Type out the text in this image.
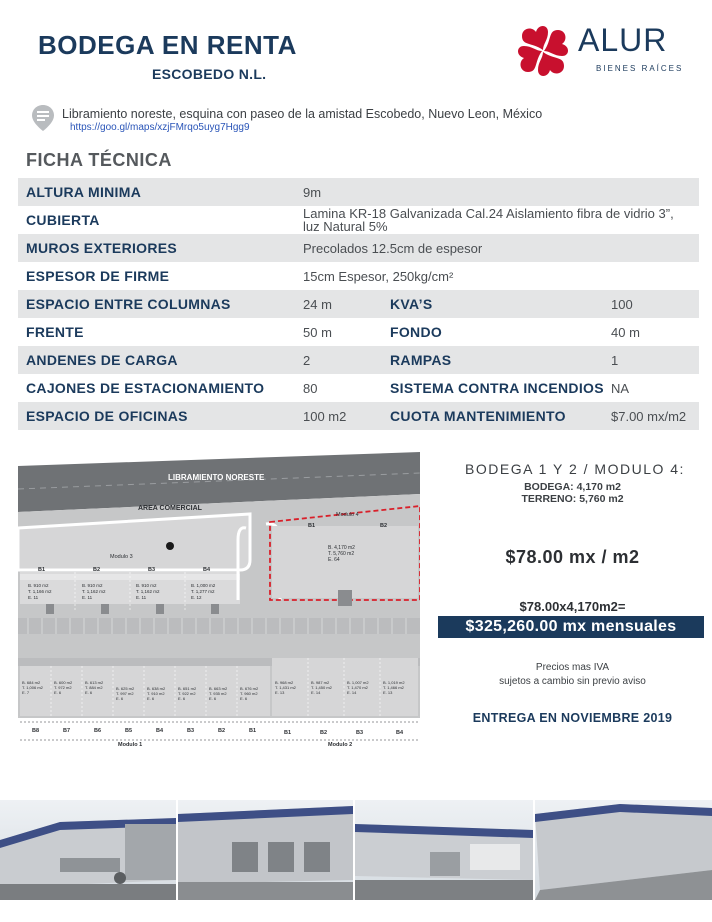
BODEGA EN RENTA
ESCOBEDO N.L.
ALUR
BIENES RAÍCES
Libramiento noreste, esquina con paseo de la amistad Escobedo, Nuevo Leon, México
https://goo.gl/maps/xzjFMrqo5uyg7Hgg9
FICHA TÉCNICA
ALTURA MINIMA	9m
CUBIERTA	Lamina KR-18 Galvanizada Cal.24 Aislamiento fibra de vidrio 3”, luz Natural 5%
MUROS EXTERIORES	Precolados 12.5cm de espesor
ESPESOR DE FIRME	15cm Espesor, 250kg/cm²
ESPACIO ENTRE COLUMNAS	24 m	KVA’S	100
FRENTE	50 m	FONDO	40 m
ANDENES DE CARGA	2	RAMPAS	1
CAJONES DE ESTACIONAMIENTO	80	SISTEMA CONTRA INCENDIOS NA
ESPACIO DE OFICINAS	100 m2	CUOTA MANTENIMIENTO	$7.00 mx/m2
LIBRAMIENTO NORESTE
AREA COMERCIAL
Modulo 3
B1	B2	B3	B4
B. 910 m2 T. 1,166 m2 E. 11
B. 910 m2 T. 1,162 m2 E. 11
B. 910 m2 T. 1,162 m2 E. 11
B. 1,000 m2 T. 1,277 m2 E. 12
Modulo 4
B1	B2
B. 4,170 m2 T. 5,760 m2 E. 64
B. 684 m2 T. 1,006 m2 E. 7
B. 600 m2 T. 972 m2 E. 6
B. 613 m2 T. 884 m2 E. 6
B. 625 m2 T. 997 m2 E. 6
B. 638 m2 T. 910 m2 E. 6
B. 651 m2 T. 922 m2 E. 6
B. 663 m2 T. 935 m2 E. 6
B. 676 m2 T. 960 m2 E. 6
B. 968 m2 T. 1,431 m2 E. 13
B. 987 m2 T. 1,450 m2 E. 14
B. 1,007 m2 T. 1,470 m2 E. 14
B. 1,019 m2 T. 1,466 m2 E. 13
B8	B7	B6	B5	B4	B3	B2	B1	B1	B2	B3	B4
Modulo 1	Modulo 2
BODEGA 1 Y 2 / MODULO 4:
BODEGA: 4,170 m2
TERRENO: 5,760 m2
$78.00 mx / m2
$78.00x4,170m2=
$325,260.00 mx mensuales
Precios mas IVA
sujetos a cambio sin previo aviso
ENTREGA EN NOVIEMBRE 2019
